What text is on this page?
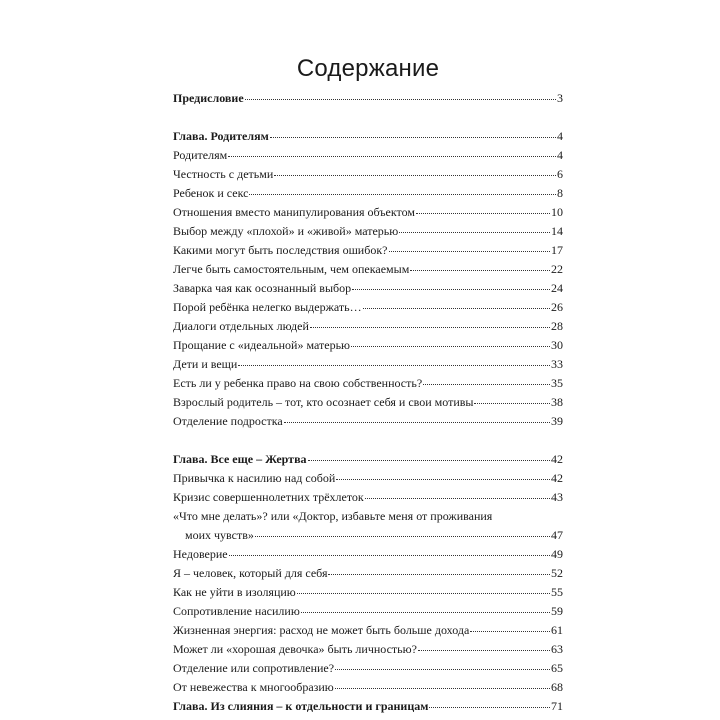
Содержание
Предисловие	3
Глава. Родителям	4
Родителям	4
Честность с детьми	6
Ребенок и секс	8
Отношения вместо манипулирования объектом	10
Выбор между «плохой» и «живой» матерью	14
Какими могут быть последствия ошибок?	17
Легче быть самостоятельным, чем опекаемым	22
Заварка чая как осознанный выбор	24
Порой ребёнка нелегко выдержать…	26
Диалоги отдельных людей	28
Прощание с «идеальной» матерью	30
Дети и вещи	33
Есть ли у ребенка право на свою собственность?	35
Взрослый родитель – тот, кто осознает себя и свои мотивы	38
Отделение подростка	39
Глава. Все еще – Жертва	42
Привычка к насилию над собой	42
Кризис совершеннолетних трёхлеток	43
«Что мне делать»? или «Доктор, избавьте меня от проживания
моих чувств»	47
Недоверие	49
Я – человек, который для себя	52
Как не уйти в изоляцию	55
Сопротивление насилию	59
Жизненная энергия: расход не может быть больше дохода	61
Может ли «хорошая девочка» быть личностью?	63
Отделение или сопротивление?	65
От невежества к многообразию	68
Глава. Из слияния – к отдельности и границам	71
